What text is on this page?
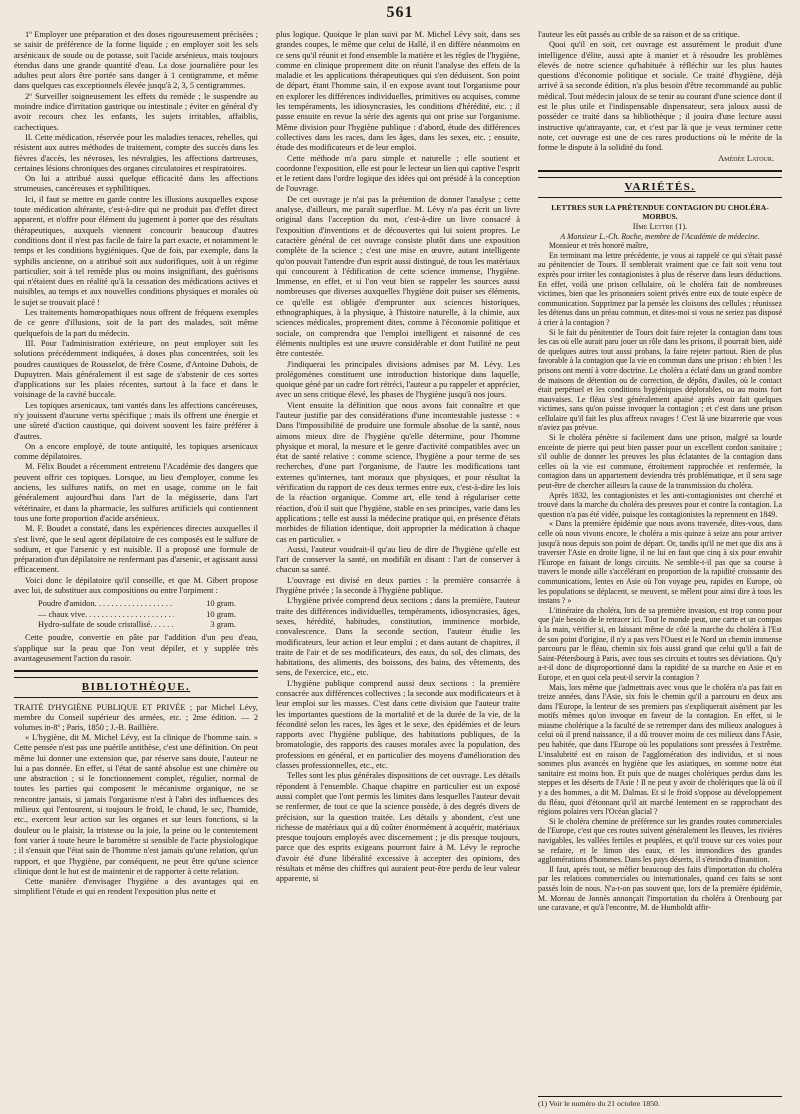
561

1º Employer une préparation et des doses rigoureusement précisées ; se saisir de préférence de la forme liquide ; en employer soit les sels arsénicaux de soude ou de potasse, soit l'acide arsénieux, mais toujours étendus dans une grande quantité d'eau. La dose journalière pour les adultes peut alors être portée sans danger à 1 centigramme, et même dans quelques cas exceptionnels élevée jusqu'à 2, 3, 5 centigrammes.

2º Surveiller soigneusement les effets du remède ; le suspendre au moindre indice d'irritation gastrique ou intestinale ; éviter en général d'y avoir recours chez les enfants, les sujets irritables, affaiblis, cachectiques.

II. Cette médication, réservée pour les maladies tenaces, rebelles, qui résistent aux autres méthodes de traitement, compte des succès dans les fièvres d'accès, les névroses, les névralgies, les affections dartreuses, certaines lésions chroniques des organes circulatoires et respiratoires.

On lui a attribué aussi quelque efficacité dans les affections strumeuses, cancéreuses et syphilitiques.

Ici, il faut se mettre en garde contre les illusions auxquelles expose toute médication altérante, c'est-à-dire qui ne produit pas d'effet direct apparent, et n'offre pour élément du jugement à porter que des résultats thérapeutiques, auxquels viennent concourir beaucoup d'autres conditions dont il n'est pas facile de faire la part exacte, et notamment le temps et les conditions hygiéniques. Que de fois, par exemple, dans la syphilis ancienne, on a attribué soit aux sudorifiques, soit à un régime particulier, soit à tel remède plus ou moins insignifiant, des guérisons qui n'étaient dues en réalité qu'à la cessation des médications actives et nuisibles, au temps et aux nouvelles conditions physiques et morales où le sujet se trouvait placé !

Les traitements homœopathiques nous offrent de fréquens exemples de ce genre d'illusions, soit de la part des malades, soit même quelquefois de la part du médecin.

III. Pour l'administration extérieure, on peut employer soit les solutions précédemment indiquées, à doses plus concentrées, soit les poudres caustiques de Rousselot, de frère Cosme, d'Antoine Dubois, de Dupuytren. Mais généralement il est sage de s'abstenir de ces sortes d'applications sur les plaies récentes, surtout à la face et dans le voisinage de la cavité buccale.

Les topiques arsenicaux, tant vantés dans les affections cancéreuses, n'y jouissent d'aucune vertu spécifique ; mais ils offrent une énergie et une sûreté d'action caustique, qui doivent souvent les faire préférer à d'autres.

On a encore employé, de toute antiquité, les topiques arsenicaux comme dépilatoires.

M. Félix Boudet a récemment entretenu l'Académie des dangers que peuvent offrir ces topiques. Lorsque, au lieu d'employer, comme les anciens, les sulfures natifs, on met en usage, comme on le fait généralement aujourd'hui dans l'art de la mégisserie, dans l'art vétérinaire, et dans la pharmacie, les sulfures artificiels qui contiennent tous une forte proportion d'acide arsénieux.

M. F. Boudet a constaté, dans les expériences directes auxquelles il s'est livré, que le seul agent dépilatoire de ces composés est le sulfure de sodium, et que l'arsenic y est nuisible. Il a proposé une formule de préparation d'un dépilatoire ne renfermant pas d'arsenic, et agissant aussi efficacement.

Voici donc le dépilatoire qu'il conseille, et que M. Gibert propose avec lui, de substituer aux compositions ou entre l'orpiment :

Poudre d'amidon . . .	10 gram.
— chaux vive . . .	10 gram.
Hydro-sulfate de soude cristallisé . . .	3 gram.

Cette poudre, convertie en pâte par l'addition d'un peu d'eau, s'applique sur la peau que l'on veut dépiler, et y supplée très avantageusement l'action du rasoir.

BIBLIOTHÈQUE.

TRAITÉ D'HYGIÈNE PUBLIQUE ET PRIVÉE ; par Michel Lévy, membre du Conseil supérieur des armées, etc. ; 2me édition. — 2 volumes in-8º ; Paris, 1850 ; J.-B. Baillière.

« L'hygiène, dit M. Michel Lévy, est la clinique de l'homme sain. » Cette pensée n'est pas une puérile antithèse, c'est une définition. On peut même lui donner une extension que, par réserve sans doute, l'auteur ne lui a pas donnée. En effet, si l'état de santé absolue est une chimère ou une abstraction ; si le fonctionnement complet, régulier, normal de toutes les parties qui composent le mécanisme organique, ne se rencontre jamais, si jamais l'organisme n'est à l'abri des influences des milieux qui l'entourent, si toujours le froid, le chaud, le sec, l'humide, etc., exercent leur action sur les organes et sur leurs fonctions, si la douleur ou le plaisir, la tristesse ou la joie, la peine ou le contentement font varier à toute heure le baromètre si sensible de l'acte physiologique ; il s'ensuit que l'état sain de l'homme n'est jamais qu'une relation, qu'un rapport, et que l'hygiène, par conséquent, ne peut être qu'une science clinique dont le but est de maintenir et de rapporter à cette relation.

Cette manière d'envisager l'hygiène a des avantages qui en simplifient l'étude et qui en rendent l'exposition plus nette et

plus logique. Quoique le plan suivi par M. Michel Lévy soit, dans ses grandes coupes, le même que celui de Hallé, il en diffère néanmoins en ce sens qu'il réunit et fond ensemble la matière et les règles de l'hygiène, comme en clinique proprement dite on réunit l'analyse des effets de la maladie et les applications thérapeutiques qui s'en déduisent. Son point de départ, étant l'homme sain, il en expose avant tout l'organisme pour en explorer les différences individuelles, primitives ou acquises, comme les tempéraments, les idiosyncrasies, les conditions d'hérédité, etc. ; il passe ensuite en revue la série des agents qui ont prise sur l'organisme. Même division pour l'hygiène publique : d'abord, étude des différences collectives dans les races, dans les âges, dans les sexes, etc. ; ensuite, étude des modificateurs et de leur emploi.

Cette méthode m'a paru simple et naturelle ; elle soutient et coordonne l'exposition, elle est pour le lecteur un lien qui captive l'esprit et le retient dans l'ordre logique des idées qui ont présidé à la conception de l'ouvrage.

De cet ouvrage je n'ai pas la prétention de donner l'analyse ; cette analyse, d'ailleurs, me paraît superflue. M. Lévy n'a pas écrit un livre original dans l'acception du mot, c'est-à-dire un livre consacré à l'exposition d'inventions et de découvertes qui lui soient propres. Le caractère général de cet ouvrage consiste plutôt dans une exposition complète de la science ; c'est une mise en œuvre, autant intelligente qu'on pouvait l'attendre d'un esprit aussi distingué, de tous les matériaux qui concourent à l'édification de cette science immense, l'hygiène. Immense, en effet, et si l'on veut bien se rappeler les sources aussi nombreuses que diverses auxquelles l'hygiène doit puiser ses éléments, ce qu'elle est obligée d'emprunter aux sciences historiques, ethnographiques, à la physique, à l'histoire naturelle, à la chimie, aux sciences médicales, proprement dites, comme à l'économie politique et sociale, on comprendra que l'emploi intelligent et raisonné de ces éléments multiples est une œuvre considérable et dont l'utilité ne peut être contestée.

J'indiquerai les principales divisions admises par M. Lévy. Les prolégomènes constituent une introduction historique dans laquelle, quoique géné par un cadre fort rétréci, l'auteur a pu rappeler et apprécier, avec un sens critique élevé, les phases de l'hygiène jusqu'à nos jours.

Vient ensuite la définition que nous avons fait connaître et que l'auteur justifie par des considérations d'une incontestable justesse : « Dans l'impossibilité de produire une formule absolue de la santé, nous aimons mieux dire de l'hygiène qu'elle détermine, pour l'homme physique et moral, la mesure et le genre d'activité compatibles avec un état de santé relative : comme science, l'hygiène a pour terme de ses recherches, d'une part l'organisme, de l'autre les modifications tant externes qu'internes, tant moraux que physiques, et pour résultat la vérification du rapport de ces deux termes entre eux, c'est-à-dire les lois de la réaction organique. Comme art, elle tend à régulariser cette réaction, d'où il suit que l'hygiène, stable en ses principes, varie dans les applications ; telle est aussi la médecine pratique qui, en présence d'états morbides de filiation identique, doit approprier la médication à chaque cas en particulier. »

Aussi, l'auteur voudrait-il qu'au lieu de dire de l'hygiène qu'elle est l'art de conserver la santé, on modifiât en disant : l'art de conserver à chacun sa santé.

L'ouvrage est divisé en deux parties : la première consacrée à l'hygiène privée ; la seconde à l'hygiène publique.

L'hygiène privée comprend deux sections ; dans la première, l'auteur traite des différences individuelles, tempéraments, idiosyncrasies, âges, sexes, hérédité, habitudes, constitution, imminence morbide, convalescence. Dans la seconde section, l'auteur étudie les modificateurs, leur action et leur emploi ; et dans autant de chapitres, il traite de l'air et de ses modificateurs, des eaux, du sol, des climats, des habitations, des aliments, des boissons, des bains, des vêtements, des sens, de l'exercice, etc., etc.

L'hygiène publique comprend aussi deux sections : la première consacrée aux différences collectives ; la seconde aux modificateurs et à leur emploi sur les masses. C'est dans cette division que l'auteur traite les importantes questions de la mortalité et de la durée de la vie, de la fécondité selon les races, les âges et le sexe, des épidémies et de leurs rapports avec l'hygiène publique, des habitations publiques, de la bromatologie, des rapports des causes morales avec la population, des professions en général, et en particulier des moyens d'amélioration des classes professionnelles, etc., etc.

Telles sont les plus générales dispositions de cet ouvrage. Les détails répondent à l'ensemble. Chaque chapitre en particulier est un exposé aussi complet que l'ont permis les limites dans lesquelles l'auteur devait se renfermer, de tout ce que la science possède, à des degrés divers de précision, sur la question traitée. Les détails y abondent, c'est une richesse de matériaux qui a dû coûter énormément à acquérir, matériaux presque toujours employés avec discernement ; je dis presque toujours, parce que des esprits exigeans pourront faire à M. Lévy le reproche d'avoir été d'une libéralité excessive à accepter des opinions, des résultats et même des chiffres qui auraient peut-être perdu de leur valeur apparente, si

l'auteur les eût passés au crible de sa raison et de sa critique.

Quoi qu'il en soit, cet ouvrage est assurément le produit d'une intelligence d'élite, aussi apte à manier et à résoudre les problèmes élevés de notre science qu'habituée à réfléchir sur les plus hautes questions d'économie politique et sociale. Ce traité d'hygiène, déjà arrivé à sa seconde édition, n'a plus besoin d'être recommandé au public médical. Tout médecin jaloux de se tenir au courant d'une science dont il est le plus utile et l'indispensable dispensateur, sera jaloux aussi de posséder ce traité dans sa bibliothèque ; il jouira d'une lecture aussi instructive qu'attrayante, car, et c'est par là que je veux terminer cette note, cet ouvrage est une de ces rares productions où le mérite de la forme le dispute à la solidité du fond.

Amédée Latour.

VARIÉTÉS.

LETTRES SUR LA PRÉTENDUE CONTAGION DU CHOLÉRA-MORBUS.

IIme Lettre (1).

A Monsieur L.-Ch. Roche, membre de l'Académie de médecine.

Monsieur et très honoré maître,

En terminant ma lettre précédente, je vous ai rappelé ce qui s'était passé au pénitencier de Tours. Il semblerait vraiment que ce fait soit venu tout exprès pour irriter les contagionistes à plus de réserve dans leurs déductions. En effet, voilà une prison cellulaire, où le choléra fait de nombreuses victimes, bien que les prisonniers soient privés entre eux de toute espèce de communication. Supprimez par la pensée les cloisons des cellules ; réunissez les détenus dans un préau commun, et dites-moi si vous ne seriez pas disposé à crier à la contagion ?

Si le fait du pénitentier de Tours doit faire rejeter la contagion dans tous les cas où elle aurait paru jouer un rôle dans les prisons, il pourrait bien, aidé de quelques autres tout aussi probans, la faire rejeter partout. Rien de plus favorable à la contagion que la vie en commun dans une prison : eh bien ! les prisons ont mentí à votre doctrine. Le choléra a éclaté dans un grand nombre de maisons de détention ou de correction, de dépôts, d'asiles, où le contact était perpétuel et les conditions hygiéniques déplorables, ou au moins fort mauvaises. Le fléau s'est généralement apaisé après avoir fait quelques victimes, sans qu'on puisse invoquer la contagion ; et c'est dans une prison cellulaire qu'il fait les plus affreux ravages ! C'est là une bizarrerie que vous n'aviez pas prévue.

Si le choléra pénètre si facilement dans une prison, malgré sa lourde enceinte de pierre qui peut bien passer pour un excellent cordon sanitaire ; s'il oublie de donner les preuves les plus éclatantes de la contagion dans celles où la vie est commune, étroitement rapprochée et renfermée, la contagion dans un appartement deviendra très problématique, et il sera sage peut-être de chercher ailleurs la cause de la transmission du choléra.

Après 1832, les contagionistes et les anti-contagionistes ont cherché et trouvé dans la marche du choléra des preuves pour et contre la contagion. La question n'a pas été vidée, puisque les contagionistes la reprennent en 1849.

« Dans la première épidémie que nous avons traversée, dites-vous, dans celle où nous vivons encore, le choléra a mis quinze à seize ans pour arriver jusqu'à nous depuis son point de départ. Or, tandis qu'il ne met que dix ans à traverser l'Asie en droite ligne, il ne lui en faut que cinq à six pour envahir l'Europe en faisant de longs circuits. Ne semble-t-il pas que sa course à travers le monde aille s'accélérant en proportion de la rapidité croissante des communications, lentes en Asie où l'on voyage peu, rapides en Europe, où les populations se déplacent, se meuvent, se mêlent pour ainsi dire à tous les instans ? »

L'itinéraire du choléra, lors de sa première invasion, est trop connu pour que j'aie besoin de le retracer ici. Tout le monde peut, une carte et un compas à la main, vérifier si, en laissant même de côté la marche du choléra à l'Est de son point d'origine, il n'y a pas vers l'Ouest et le Nord un chemin immense parcouru par le fléau, chemin six fois aussi grand que celui qu'il a fait de Saint-Pétersbourg à Paris, avec tous ses circuits et toutes ses déviations. Qu'y a-t-il donc de disproportionné dans la rapidité de sa marche en Asie et en Europe, et en quoi cela peut-il servir la contagion ?

Mais, lors même que j'admettrais avec vous que le choléra n'a pas fait en treize années, dans l'Asie, six fois le chemin qu'il a parcouru en deux ans dans l'Europe, la lenteur de ses premiers pas s'expliquerait aisément par les motifs mêmes qu'on invoque en faveur de la contagion. En effet, si le miasme cholérique a la faculté de se retremper dans des milieux analogues à celui où il prend naissance, il a dû trouver moins de ces milieux dans l'Asie, peu habitée, que dans l'Europe où les populations sont pressées à l'extrême. L'insalubrité est en raison de l'agglomération des individus, et si nous sommes plus avancés en hygiène que les asiatiques, en somme notre état sanitaire est moins bon. Et puis que de nuages cholériques perdus dans les steppes et les déserts de l'Asie ! Il ne peut y avoir de cholériques que là où il y a des hommes, a dit M. Dalmas. Et si le froid s'oppose au développement du fléau, quoi d'étonnant qu'il ait marché lentement en se rapprochant des régions polaires vers l'Océan glacial ?

Si le choléra chemine de préférence sur les grandes routes commerciales de l'Europe, c'est que ces routes suivent généralement les fleuves, les rivières navigables, les vallées fertiles et peuplées, et qu'il trouve sur ces voies pour se refaire, et le limon des eaux, et les immondices des grandes agglomérations d'hommes. Dans les pays déserts, il s'éteindra d'inanition.

Il faut, après tout, se méfier beaucoup des faits d'importation du choléra par les relations commerciales ou internationales, quand ces faits se sont passés loin de nous. N'a-t-on pas souvent que, lors de la première épidémie, M. Moreau de Jonnès annonçait l'importation du choléra à Orenbourg par une caravane, et qu'à l'encontre, M. de Humboldt affir-

(1) Voir le numéro du 21 octobre 1850.
